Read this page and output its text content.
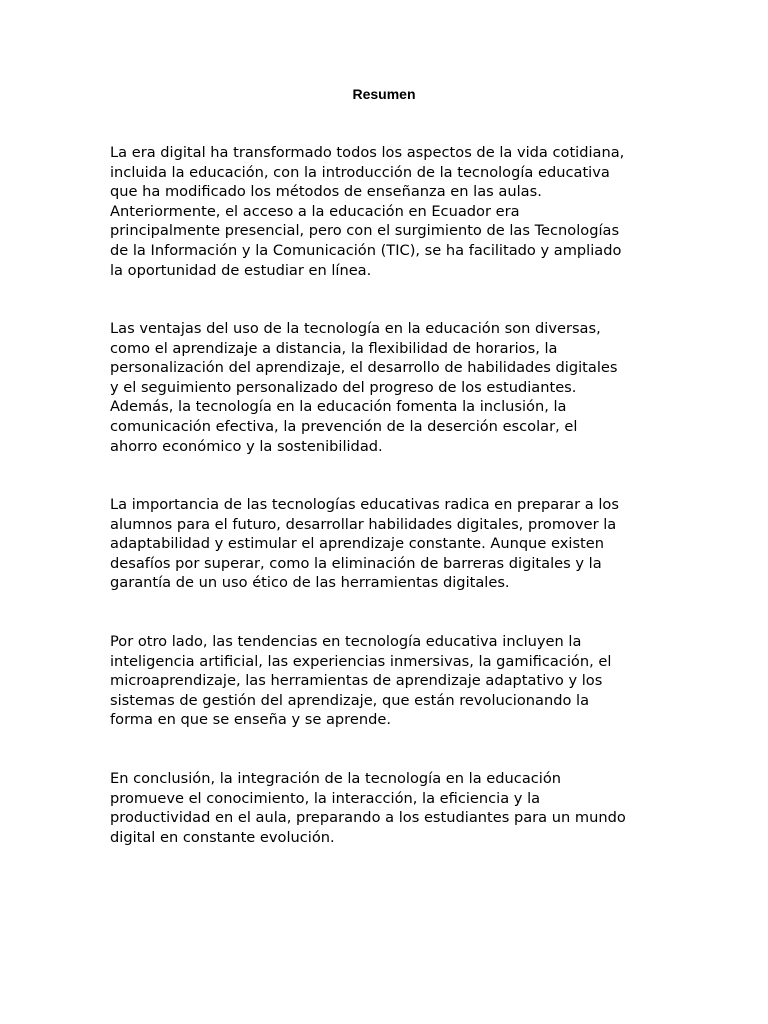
Resumen

La era digital ha transformado todos los aspectos de la vida cotidiana,
incluida la educación, con la introducción de la tecnología educativa
que ha modificado los métodos de enseñanza en las aulas.
Anteriormente, el acceso a la educación en Ecuador era
principalmente presencial, pero con el surgimiento de las Tecnologías
de la Información y la Comunicación (TIC), se ha facilitado y ampliado
la oportunidad de estudiar en línea.

Las ventajas del uso de la tecnología en la educación son diversas,
como el aprendizaje a distancia, la flexibilidad de horarios, la
personalización del aprendizaje, el desarrollo de habilidades digitales
y el seguimiento personalizado del progreso de los estudiantes.
Además, la tecnología en la educación fomenta la inclusión, la
comunicación efectiva, la prevención de la deserción escolar, el
ahorro económico y la sostenibilidad.

La importancia de las tecnologías educativas radica en preparar a los
alumnos para el futuro, desarrollar habilidades digitales, promover la
adaptabilidad y estimular el aprendizaje constante. Aunque existen
desafíos por superar, como la eliminación de barreras digitales y la
garantía de un uso ético de las herramientas digitales.

Por otro lado, las tendencias en tecnología educativa incluyen la
inteligencia artificial, las experiencias inmersivas, la gamificación, el
microaprendizaje, las herramientas de aprendizaje adaptativo y los
sistemas de gestión del aprendizaje, que están revolucionando la
forma en que se enseña y se aprende.

En conclusión, la integración de la tecnología en la educación
promueve el conocimiento, la interacción, la eficiencia y la
productividad en el aula, preparando a los estudiantes para un mundo
digital en constante evolución.
